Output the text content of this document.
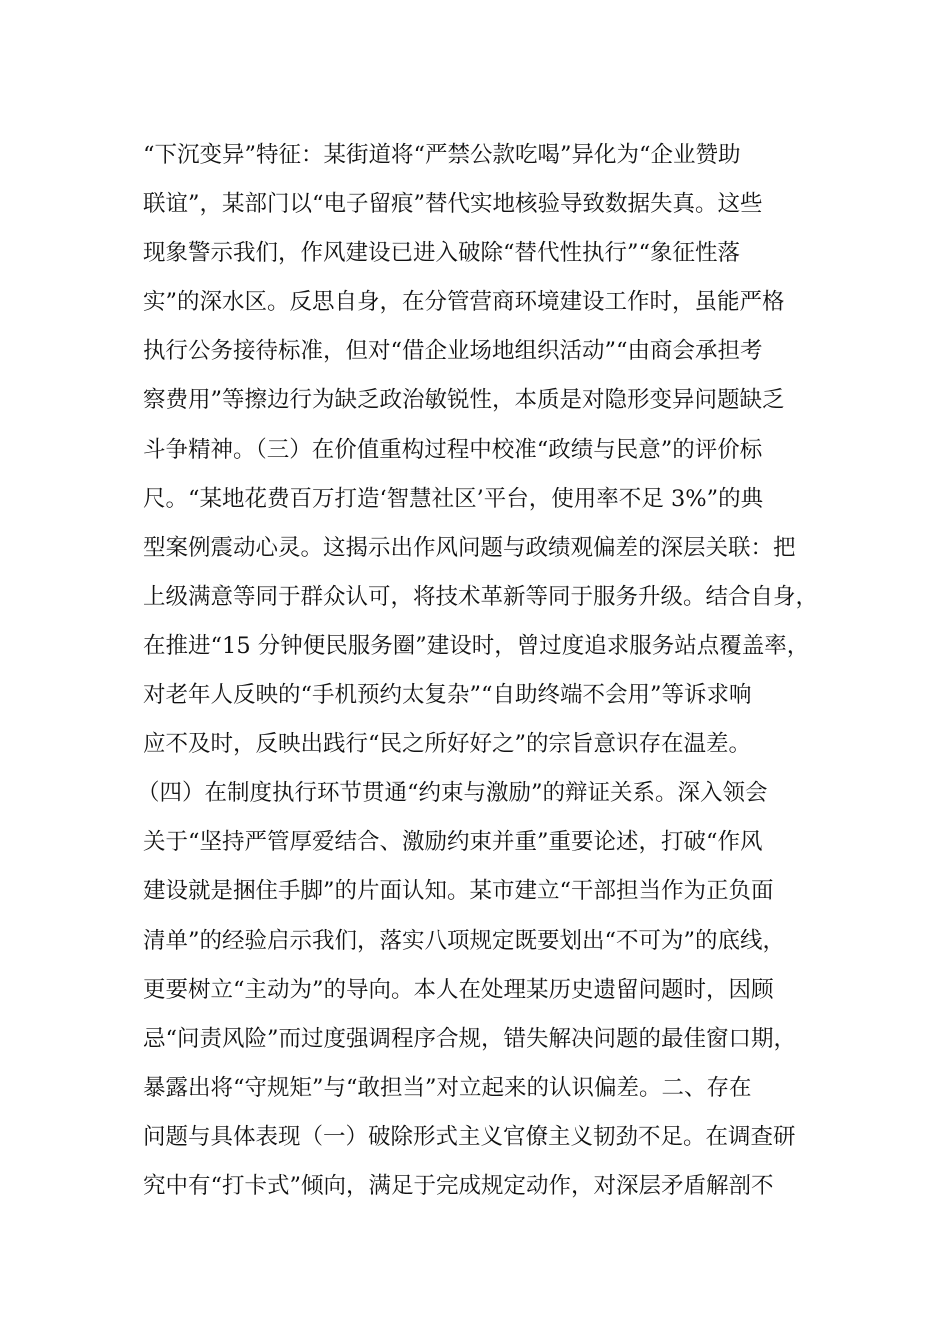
“下沉变异”特征：某街道将“严禁公款吃喝”异化为“企业赞助
联谊”，某部门以“电子留痕”替代实地核验导致数据失真。这些
现象警示我们，作风建设已进入破除“替代性执行”“象征性落
实”的深水区。反思自身，在分管营商环境建设工作时，虽能严格
执行公务接待标准，但对“借企业场地组织活动”“由商会承担考
察费用”等擦边行为缺乏政治敏锐性，本质是对隐形变异问题缺乏
斗争精神。（三）在价值重构过程中校准“政绩与民意”的评价标
尺。“某地花费百万打造‘智慧社区’平台，使用率不足 3%”的典
型案例震动心灵。这揭示出作风问题与政绩观偏差的深层关联：把
上级满意等同于群众认可，将技术革新等同于服务升级。结合自身，
在推进“15 分钟便民服务圈”建设时，曾过度追求服务站点覆盖率，
对老年人反映的“手机预约太复杂”“自助终端不会用”等诉求响
应不及时，反映出践行“民之所好好之”的宗旨意识存在温差。
（四）在制度执行环节贯通“约束与激励”的辩证关系。深入领会
关于“坚持严管厚爱结合、激励约束并重”重要论述，打破“作风
建设就是捆住手脚”的片面认知。某市建立“干部担当作为正负面
清单”的经验启示我们，落实八项规定既要划出“不可为”的底线，
更要树立“主动为”的导向。本人在处理某历史遗留问题时，因顾
忌“问责风险”而过度强调程序合规，错失解决问题的最佳窗口期，
暴露出将“守规矩”与“敢担当”对立起来的认识偏差。二、存在
问题与具体表现（一）破除形式主义官僚主义韧劲不足。在调查研
究中有“打卡式”倾向，满足于完成规定动作，对深层矛盾解剖不
